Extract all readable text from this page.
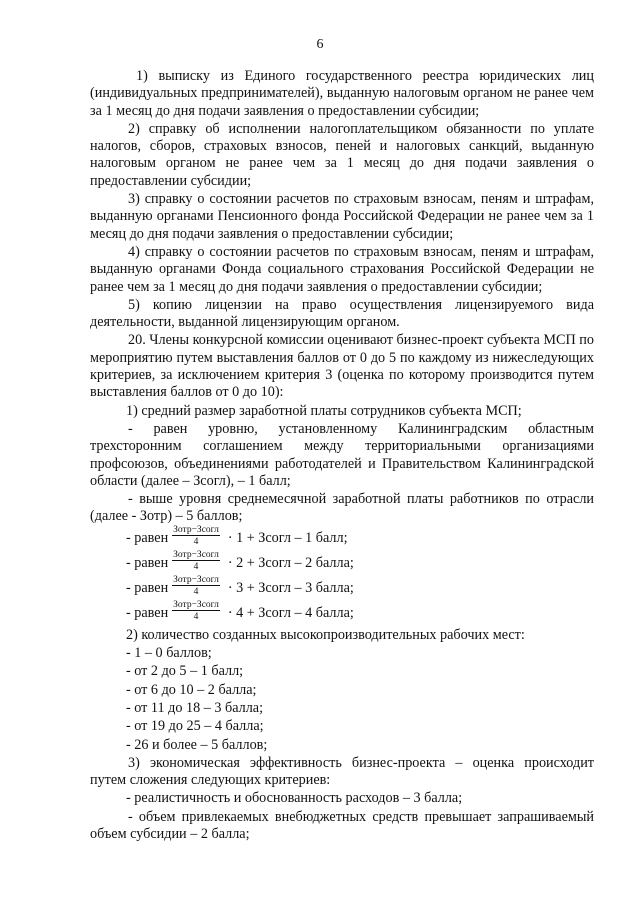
6

1) выписку из Единого государственного реестра юридических лиц (индивидуальных предпринимателей), выданную налоговым органом не ранее чем за 1 месяц до дня подачи заявления о предоставлении субсидии;

2) справку об исполнении налогоплательщиком обязанности по уплате налогов, сборов, страховых взносов, пеней и налоговых санкций, выданную налоговым органом не ранее чем за 1 месяц до дня подачи заявления о предоставлении субсидии;

3) справку о состоянии расчетов по страховым взносам, пеням и штрафам, выданную органами Пенсионного фонда Российской Федерации не ранее чем за 1 месяц до дня подачи заявления о предоставлении субсидии;

4) справку о состоянии расчетов по страховым взносам, пеням и штрафам, выданную органами Фонда социального страхования Российской Федерации не ранее чем за 1 месяц до дня подачи заявления о предоставлении субсидии;

5) копию лицензии на право осуществления лицензируемого вида деятельности, выданной лицензирующим органом.

20. Члены конкурсной комиссии оценивают бизнес-проект субъекта МСП по мероприятию путем выставления баллов от 0 до 5 по каждому из нижеследующих критериев, за исключением критерия 3 (оценка по которому производится путем выставления баллов от 0 до 10):

1) средний размер заработной платы сотрудников субъекта МСП;

- равен уровню, установленному Калининградским областным трехсторонним соглашением между территориальными организациями профсоюзов, объединениями работодателей и Правительством Калининградской области (далее – Зсогл), – 1 балл;

- выше уровня среднемесячной заработной платы работников по отрасли (далее - Зотр) – 5 баллов;

- равен $\frac{\text{Зотр−Зсогл}}{4} \cdot 1$ + Зсогл – 1 балл;
- равен $\frac{\text{Зотр−Зсогл}}{4} \cdot 2$ + Зсогл – 2 балла;
- равен $\frac{\text{Зотр−Зсогл}}{4} \cdot 3$ + Зсогл – 3 балла;
- равен $\frac{\text{Зотр−Зсогл}}{4} \cdot 4$ + Зсогл – 4 балла;

2) количество созданных высокопроизводительных рабочих мест:

- 1 – 0 баллов;

- от 2 до 5 – 1 балл;

- от 6 до 10 – 2 балла;

- от 11 до 18 – 3 балла;

- от 19 до 25 – 4 балла;

- 26 и более – 5 баллов;

3) экономическая эффективность бизнес-проекта – оценка происходит путем сложения следующих критериев:

- реалистичность и обоснованность расходов – 3 балла;

- объем привлекаемых внебюджетных средств превышает запрашиваемый объем субсидии – 2 балла;
